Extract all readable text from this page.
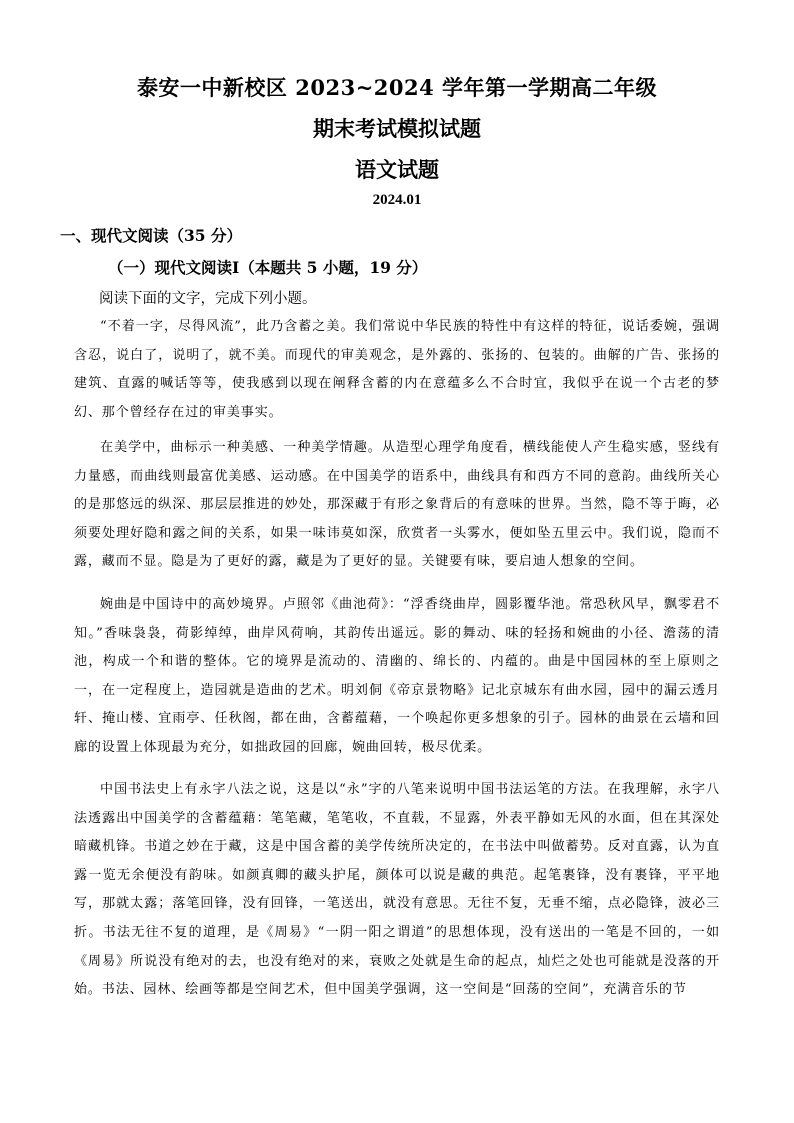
泰安一中新校区 2023~2024 学年第一学期高二年级
期末考试模拟试题
语文试题
2024.01
一、现代文阅读（35 分）
（一）现代文阅读Ⅰ（本题共 5 小题，19 分）
阅读下面的文字，完成下列小题。

“不着一字，尽得风流”，此乃含蓄之美。我们常说中华民族的特性中有这样的特征，说话委婉，强调含忍，说白了，说明了，就不美。而现代的审美观念，是外露的、张扬的、包装的。曲解的广告、张扬的建筑、直露的喊话等等，使我感到以现在阐释含蓄的内在意蕴多么不合时宜，我似乎在说一个古老的梦幻、那个曾经存在过的审美事实。

在美学中，曲标示一种美感、一种美学情趣。从造型心理学角度看，横线能使人产生稳实感，竖线有力量感，而曲线则最富优美感、运动感。在中国美学的语系中，曲线具有和西方不同的意韵。曲线所关心的是那悠远的纵深、那层层推进的妙处，那深藏于有形之象背后的有意味的世界。当然，隐不等于晦，必须要处理好隐和露之间的关系，如果一味讳莫如深，欣赏者一头雾水，便如坠五里云中。我们说，隐而不露，藏而不显。隐是为了更好的露，藏是为了更好的显。关键要有味，要启迪人想象的空间。

婉曲是中国诗中的高妙境界。卢照邻《曲池荷》：“浮香绕曲岸，圆影覆华池。常恐秋风早，飘零君不知。”香味袅袅，荷影绰绰，曲岸风荷响，其韵传出遥远。影的舞动、味的轻扬和婉曲的小径、澹荡的清池，构成一个和谐的整体。它的境界是流动的、清幽的、绵长的、内蕴的。曲是中国园林的至上原则之一，在一定程度上，造园就是造曲的艺术。明刘侗《帝京景物略》记北京城东有曲水园，园中的漏云透月轩、掩山楼、宜雨亭、任秋阁，都在曲，含蓄蕴藉，一个唤起你更多想象的引子。园林的曲景在云墙和回廊的设置上体现最为充分，如拙政园的回廊，婉曲回转，极尽优柔。

中国书法史上有永字八法之说，这是以“永”字的八笔来说明中国书法运笔的方法。在我理解，永字八法透露出中国美学的含蓄蕴藉：笔笔藏，笔笔收，不直载，不显露，外表平静如无风的水面，但在其深处暗藏机锋。书道之妙在于藏，这是中国含蓄的美学传统所决定的，在书法中叫做蓄势。反对直露，认为直露一览无余便没有韵味。如颜真卿的藏头护尾，颜体可以说是藏的典范。起笔裹锋，没有裹锋，平平地写，那就太露；落笔回锋，没有回锋，一笔送出，就没有意思。无往不复，无垂不缩，点必隐锋，波必三折。书法无往不复的道理，是《周易》“一阴一阳之谓道”的思想体现，没有送出的一笔是不回的，一如《周易》所说没有绝对的去，也没有绝对的来，衰败之处就是生命的起点，灿烂之处也可能就是没落的开始。书法、园林、绘画等都是空间艺术，但中国美学强调，这一空间是“回荡的空间”，充满音乐的节
